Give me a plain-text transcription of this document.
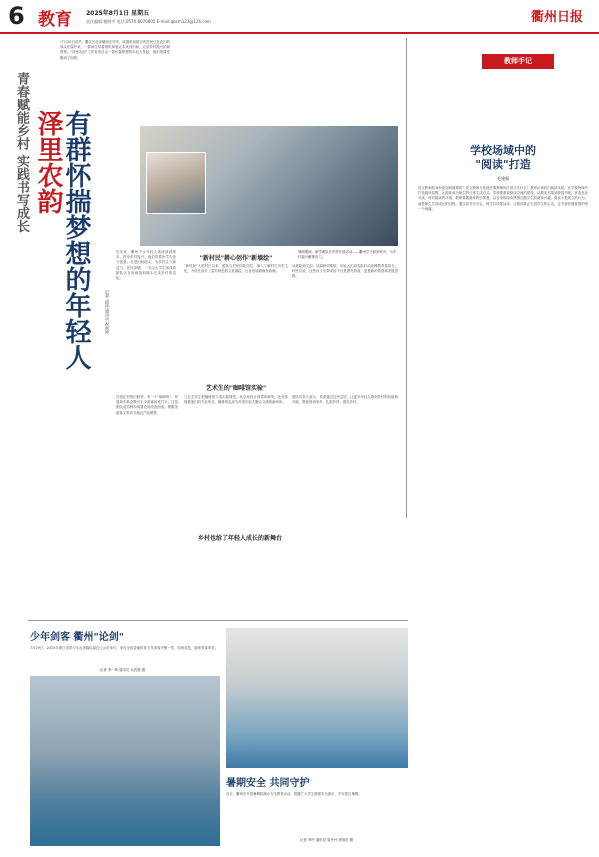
6 教育 2025年8月1日 星期五
责任编辑:楼晓平 电话:0570-8070805 E-mail:qbcm123@126.com	衢州日报
青春赋能乡村 实践书写成长 泽里农韵
有群怀揣梦想的年轻人
"7月20日清早，衢江区杜泽镇西庄村旁，收割机和数字的村民已在农田的那头忙碌开来。一群师生带着相机和笔记本来到田间，记录乡村振兴的新图景。"泽里农韵"工作室项目由一群怀揣梦想的年轻人发起，他们把课堂搬到了田野。
调研期间，研学团队在乡村开展活动——衢州学子回到家乡，为乡村振兴献策出力。
记者 邱添 通讯员 祝雨婷
近年来，衢州不少年轻人选择回到家乡，投身乡村振兴。他们带着所学专业与创意，走进田间地头，为乡村注入新活力。在杜泽镇，一支由大学生组成的团队正在用画笔和镜头记录乡村的变化。
"新村民"耕心创作"新墙绘"
"新村民"入驻村庄以来，团队与村民同吃同住，深入了解村庄历史文化，为村庄设计了富有特色的文化墙绘，让老旧墙面焕发新颜。
从墙绘到文创，从调研到策划，年轻人们用实际行动诠释着青春担当。村民们说，这些孩子们带来的不只是漂亮的画，更是新的希望和发展思路。
艺术生的"咖啡馆实验"
在西庄村的田野旁，有一个"咖啡角"，每逢周末都会吸引不少游客前来打卡。这是团队成员利用闲置农房改造而成，既服务游客又带动当地农产品销售。
几位艺术生把咖啡馆当成实践课堂，从空间设计到菜单研发，处处体现着他们的专业所长。咖啡馆也成为村里年轻人聚会交流的新场所。
团队负责人表示，希望通过这些尝试，让更多年轻人看到乡村的价值和可能，愿意回到家乡、扎根乡村、建设乡村。
乡村也给了年轻人成长的新舞台
教师手记
学校场域中的
"阅读"打造
毛建强
语文教师的身份是如何建构的？语文教师与其他任课教师的区别又在什么？教育应该回归阅读本质，在学校场域中打造阅读氛围，让阅读成为师生的日常生活方式。学校要重视阅读空间的建设，从教室书架到校园书吧，营造处处可读、时时能读的环境。教师要做阅读的引领者，以自身的阅读热情点燃学生的阅读兴趣。阅读不是孤立的行为，而是师生共同成长的过程。通过读书分享会、师生共读等活动，让阅读真正走进学生的心灵，让书香弥漫校园的每一个角落。
少年剑客 衢州"论剑"
7月29日，2025年浙江省青少年击剑锦标赛在江山市举行，来自全省各地的青少年剑客齐聚一堂，同场竞技，展现青春风采。
记者 李一鸣 通讯员 毛武俊 摄
暑期安全 共同守护
近日，衢州市开展暑期防溺水安全教育活动，提醒广大学生增强安全意识，平安度过暑假。
记者 李玲 通讯员 周丹丹 徐国庆 摄
